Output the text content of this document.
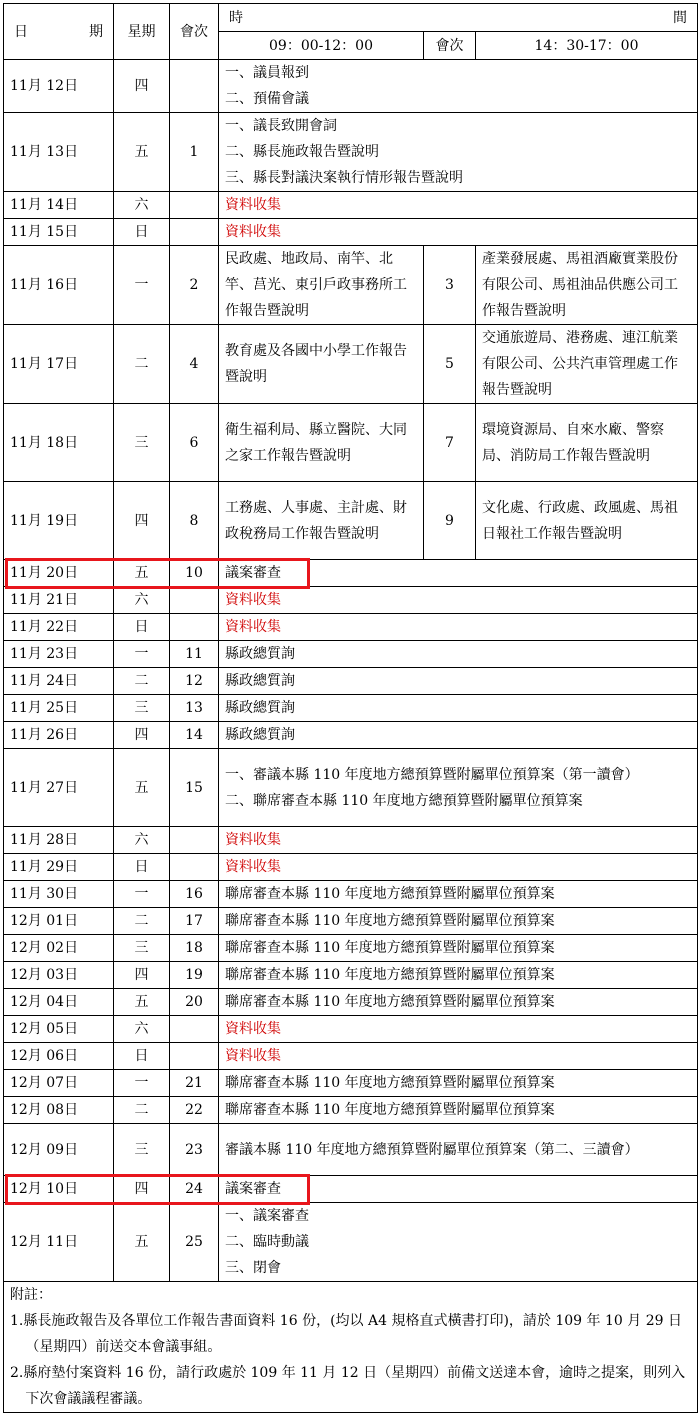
日 期	星期	會次	時 間		

			09：00-12：00	會次	14：30-17：00
11月 12日	四		一、議員報到
二、預備會議		

11月 13日	五	1	一、議長致開會詞
二、縣長施政報告暨說明
三、縣長對議決案執行情形報告暨說明		

11月 14日	六		資料收集		

11月 15日	日		資料收集		

11月 16日	一	2	民政處、地政局、南竿、北竿、莒光、東引戶政事務所工作報告暨說明	3	產業發展處、馬祖酒廠實業股份有限公司、馬祖油品供應公司工作報告暨說明
11月 17日	二	4	教育處及各國中小學工作報告暨說明	5	交通旅遊局、港務處、連江航業有限公司、公共汽車管理處工作報告暨說明
11月 18日	三	6	衛生福利局、縣立醫院、大同之家工作報告暨說明	7	環境資源局、自來水廠、警察局、消防局工作報告暨說明
11月 19日	四	8	工務處、人事處、主計處、財政稅務局工作報告暨說明	9	文化處、行政處、政風處、馬祖日報社工作報告暨說明
11月 20日	五	10	議案審查		

11月 21日	六		資料收集		

11月 22日	日		資料收集		

11月 23日	一	11	縣政總質詢		

11月 24日	二	12	縣政總質詢		

11月 25日	三	13	縣政總質詢		

11月 26日	四	14	縣政總質詢		

11月 27日	五	15	一、審議本縣 110 年度地方總預算暨附屬單位預算案（第一讀會）
二、聯席審查本縣 110 年度地方總預算暨附屬單位預算案		

11月 28日	六		資料收集		

11月 29日	日		資料收集		

11月 30日	一	16	聯席審查本縣 110 年度地方總預算暨附屬單位預算案		

12月 01日	二	17	聯席審查本縣 110 年度地方總預算暨附屬單位預算案		

12月 02日	三	18	聯席審查本縣 110 年度地方總預算暨附屬單位預算案		

12月 03日	四	19	聯席審查本縣 110 年度地方總預算暨附屬單位預算案		

12月 04日	五	20	聯席審查本縣 110 年度地方總預算暨附屬單位預算案		

12月 05日	六		資料收集		

12月 06日	日		資料收集		

12月 07日	一	21	聯席審查本縣 110 年度地方總預算暨附屬單位預算案		

12月 08日	二	22	聯席審查本縣 110 年度地方總預算暨附屬單位預算案		

12月 09日	三	23	審議本縣 110 年度地方總預算暨附屬單位預算案（第二、三讀會）		

12月 10日	四	24	議案審查		

12月 11日	五	25	一、議案審查
二、臨時動議
三、閉會		

附註：
1.縣長施政報告及各單位工作報告書面資料 16 份，(均以 A4 規格直式橫書打印)，請於 109 年 10 月 29 日（星期四）前送交本會議事組。
2.縣府墊付案資料 16 份，請行政處於 109 年 11 月 12 日（星期四）前備文送達本會，逾時之提案，則列入下次會議議程審議。					
